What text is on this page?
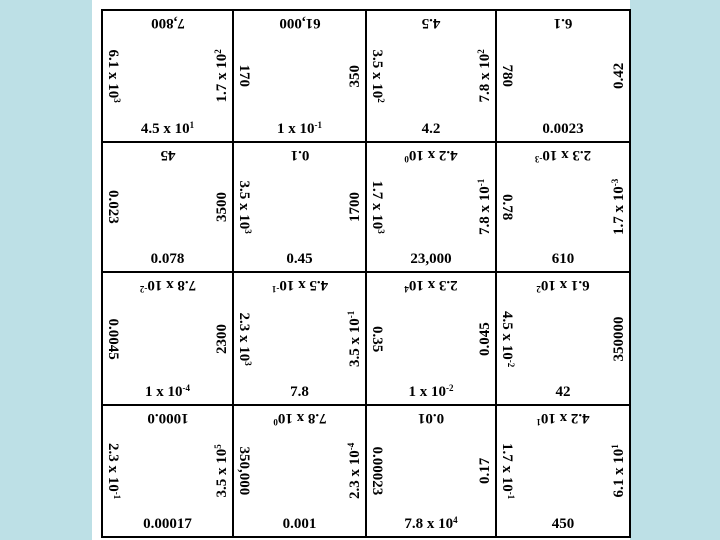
7,800
4.5 x $10^1$
6.1 x $10^3$	1.7 x $10^2$
61,000
1 x $10^{-1}$
170	350
4.5
4.2
3.5 x $10^2$	7.8 x $10^2$
6.1
0.0023
780	0.42
45
0.078
0.023	3500
0.1
0.45
3.5 x $10^3$
1700
4.2 x $10^0$
23,000
1.7 x $10^3$	7.8 x $10^{-1}$
2.3 x $10^{-3}$
610
0.78	1.7 x $10^{-3}$
7.8 x $10^{-2}$
1 x $10^{-4}$
0.0045	2300
4.5 x $10^{-1}$
7.8
2.3 x $10^3$	3.5 x $10^{-1}$
2.3 x $10^4$
1 x $10^{-2}$
0.35	0.045
6.1 x $10^2$
42
4.5 x $10^{-2}$
350000
1000.0
0.00017
2.3 x $10^{-1}$	3.5 x $10^5$
7.8 x $10^0$
0.001
350,000	2.3 x $10^{-4}$
0.01
7.8 x $10^4$
0.00023	0.17
4.2 x $10^1$
450
1.7 x $10^{-1}$	6.1 x $10^1$
